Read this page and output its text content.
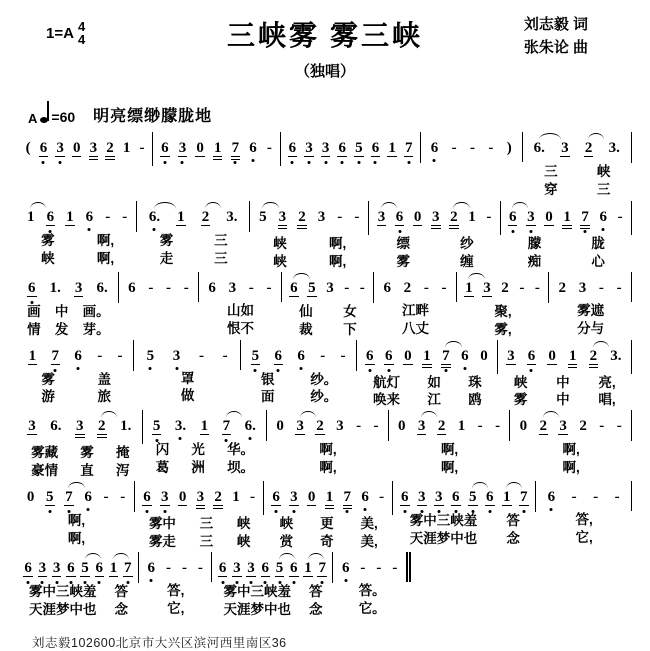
1=A 4
4	三峡雾 雾三峡	刘志毅 词
张朱论 曲
（独唱）
A =60 明亮缥缈朦胧地
( 6 3 0 3 2 1 - 6 3 0 1 7 6 - 6 3 3 6 5 6 1 7 6 - - - ) 6. 3 2 3.
三	峡
穿	三
1 6 1 6 - -
雾	啊,
峡	啊,
6. 1 2 3.
雾	三
走	三
5 3 2 3 - -
峡	啊,
峡	啊,
3 6 0 3 2 1 -
缥	纱
雾	缠
6 3 0 1 7 6 -
朦	胧
痴	心
6 1. 3 6.
画 中 画。
情 发 芽。
6 - - - 6 3 - -
山如
恨不
6 5 3 - -
仙 女
裁 下
6 2 - -
江畔
八丈
1 3 2 - -
聚,
雾,
2 3 - -
雾遮
分与
1 7 6 - -
雾	盖
游	旅
5 3 - -
罩
做
5 6 6 - -
银	纱。
面	纱。
6 6 0 1 7 6 0
航灯 如 珠
唤来 江 鸥
3 6 0 1 2 3.
峡 中 亮,
雾 中 唱,
3 6. 3 2 1.
雾藏 雾 掩
豪情 直 泻
5 3. 1 7 6.
闪 光 华。
葛 洲 坝。
0 3 2 3 - -
啊,
啊,
0 3 2 1 - -
啊,
啊,
0 2 3 2 - -
啊,
啊,
0 5 7 6 - -
啊,
啊,
6 3 0 3 2 1 -
雾中 三 峡
雾走 三 峡
6 3 0 1 7 6 -
峡 更 美,
赏 奇 美,
6 3 3 6 5 6 1 7
雾中三峡羞 答
天涯梦中也 念
6 - - -
答,
它,
6 3 3 6 5 6 1 7
雾中三峡羞 答
天涯梦中也 念
6 - - -
答,
它,
6 3 3 6 5 6 1 7
雾中三峡羞 答
天涯梦中也 念
6 - - -
答。
它。
刘志毅102600北京市大兴区滨河西里南区36
